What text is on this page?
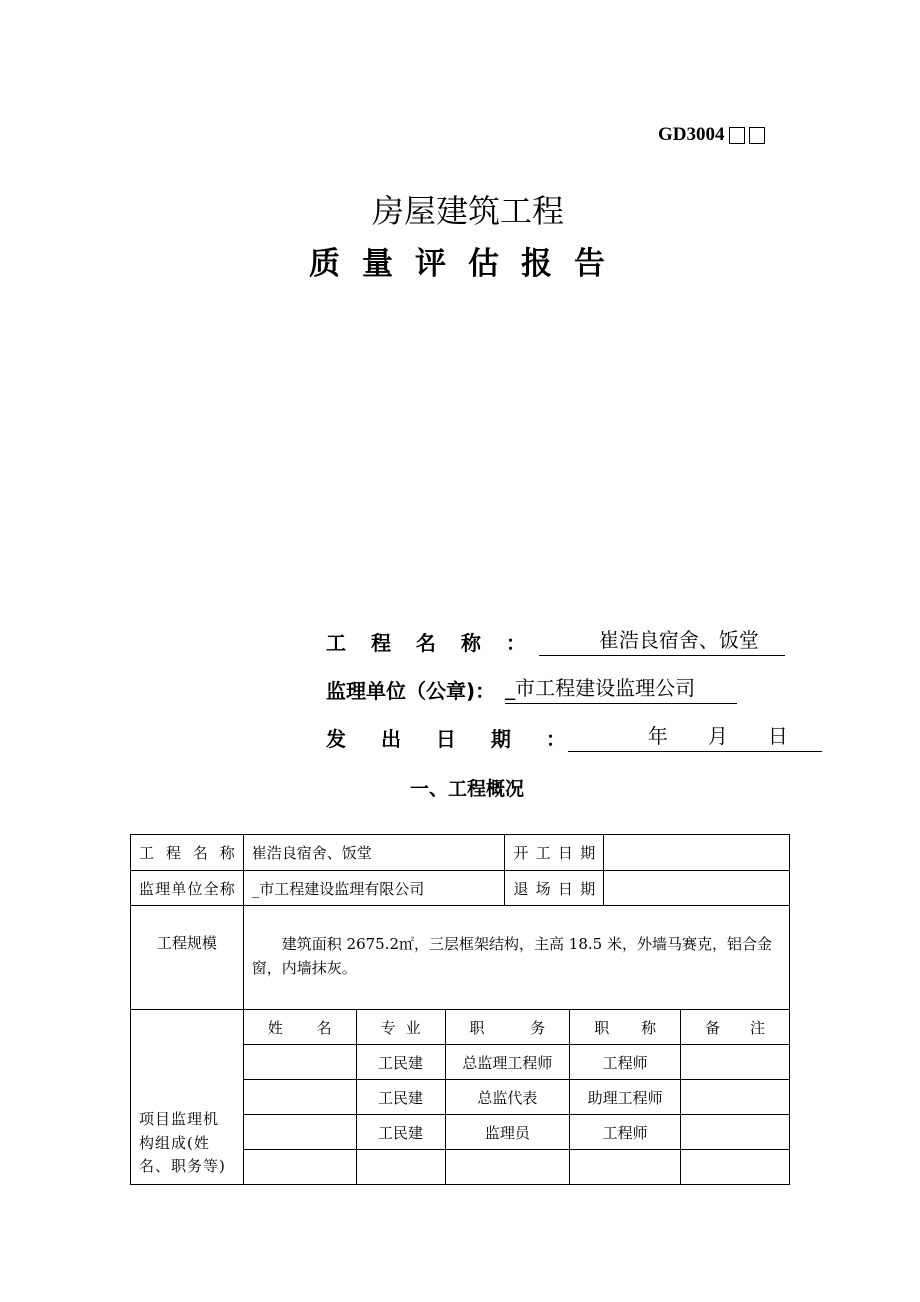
GD3004
房屋建筑工程
质量评估报告
工 程 名 称 ： 　　　崔浩良宿舍、饭堂
监理单位（公章)： _市工程建设监理公司
发 出 日 期 ：
　　　　年　　月　　日
一、工程概况
工程名称	崔浩良宿舍、饭堂			开工日期			
监理单位全称	_市工程建设监理有限公司			退场日期			
工程规模	建筑面积 2675.2㎡，三层框架结构，主高 18.5 米，外墙马赛克，铝合金窗，内墙抹灰。						
项目监理机构组成(姓名、职务等)	姓名	专业	职务		职称		备注
		工民建	总监理工程师		工程师		
		工民建	总监代表		助理工程师		
		工民建	监理员		工程师		
